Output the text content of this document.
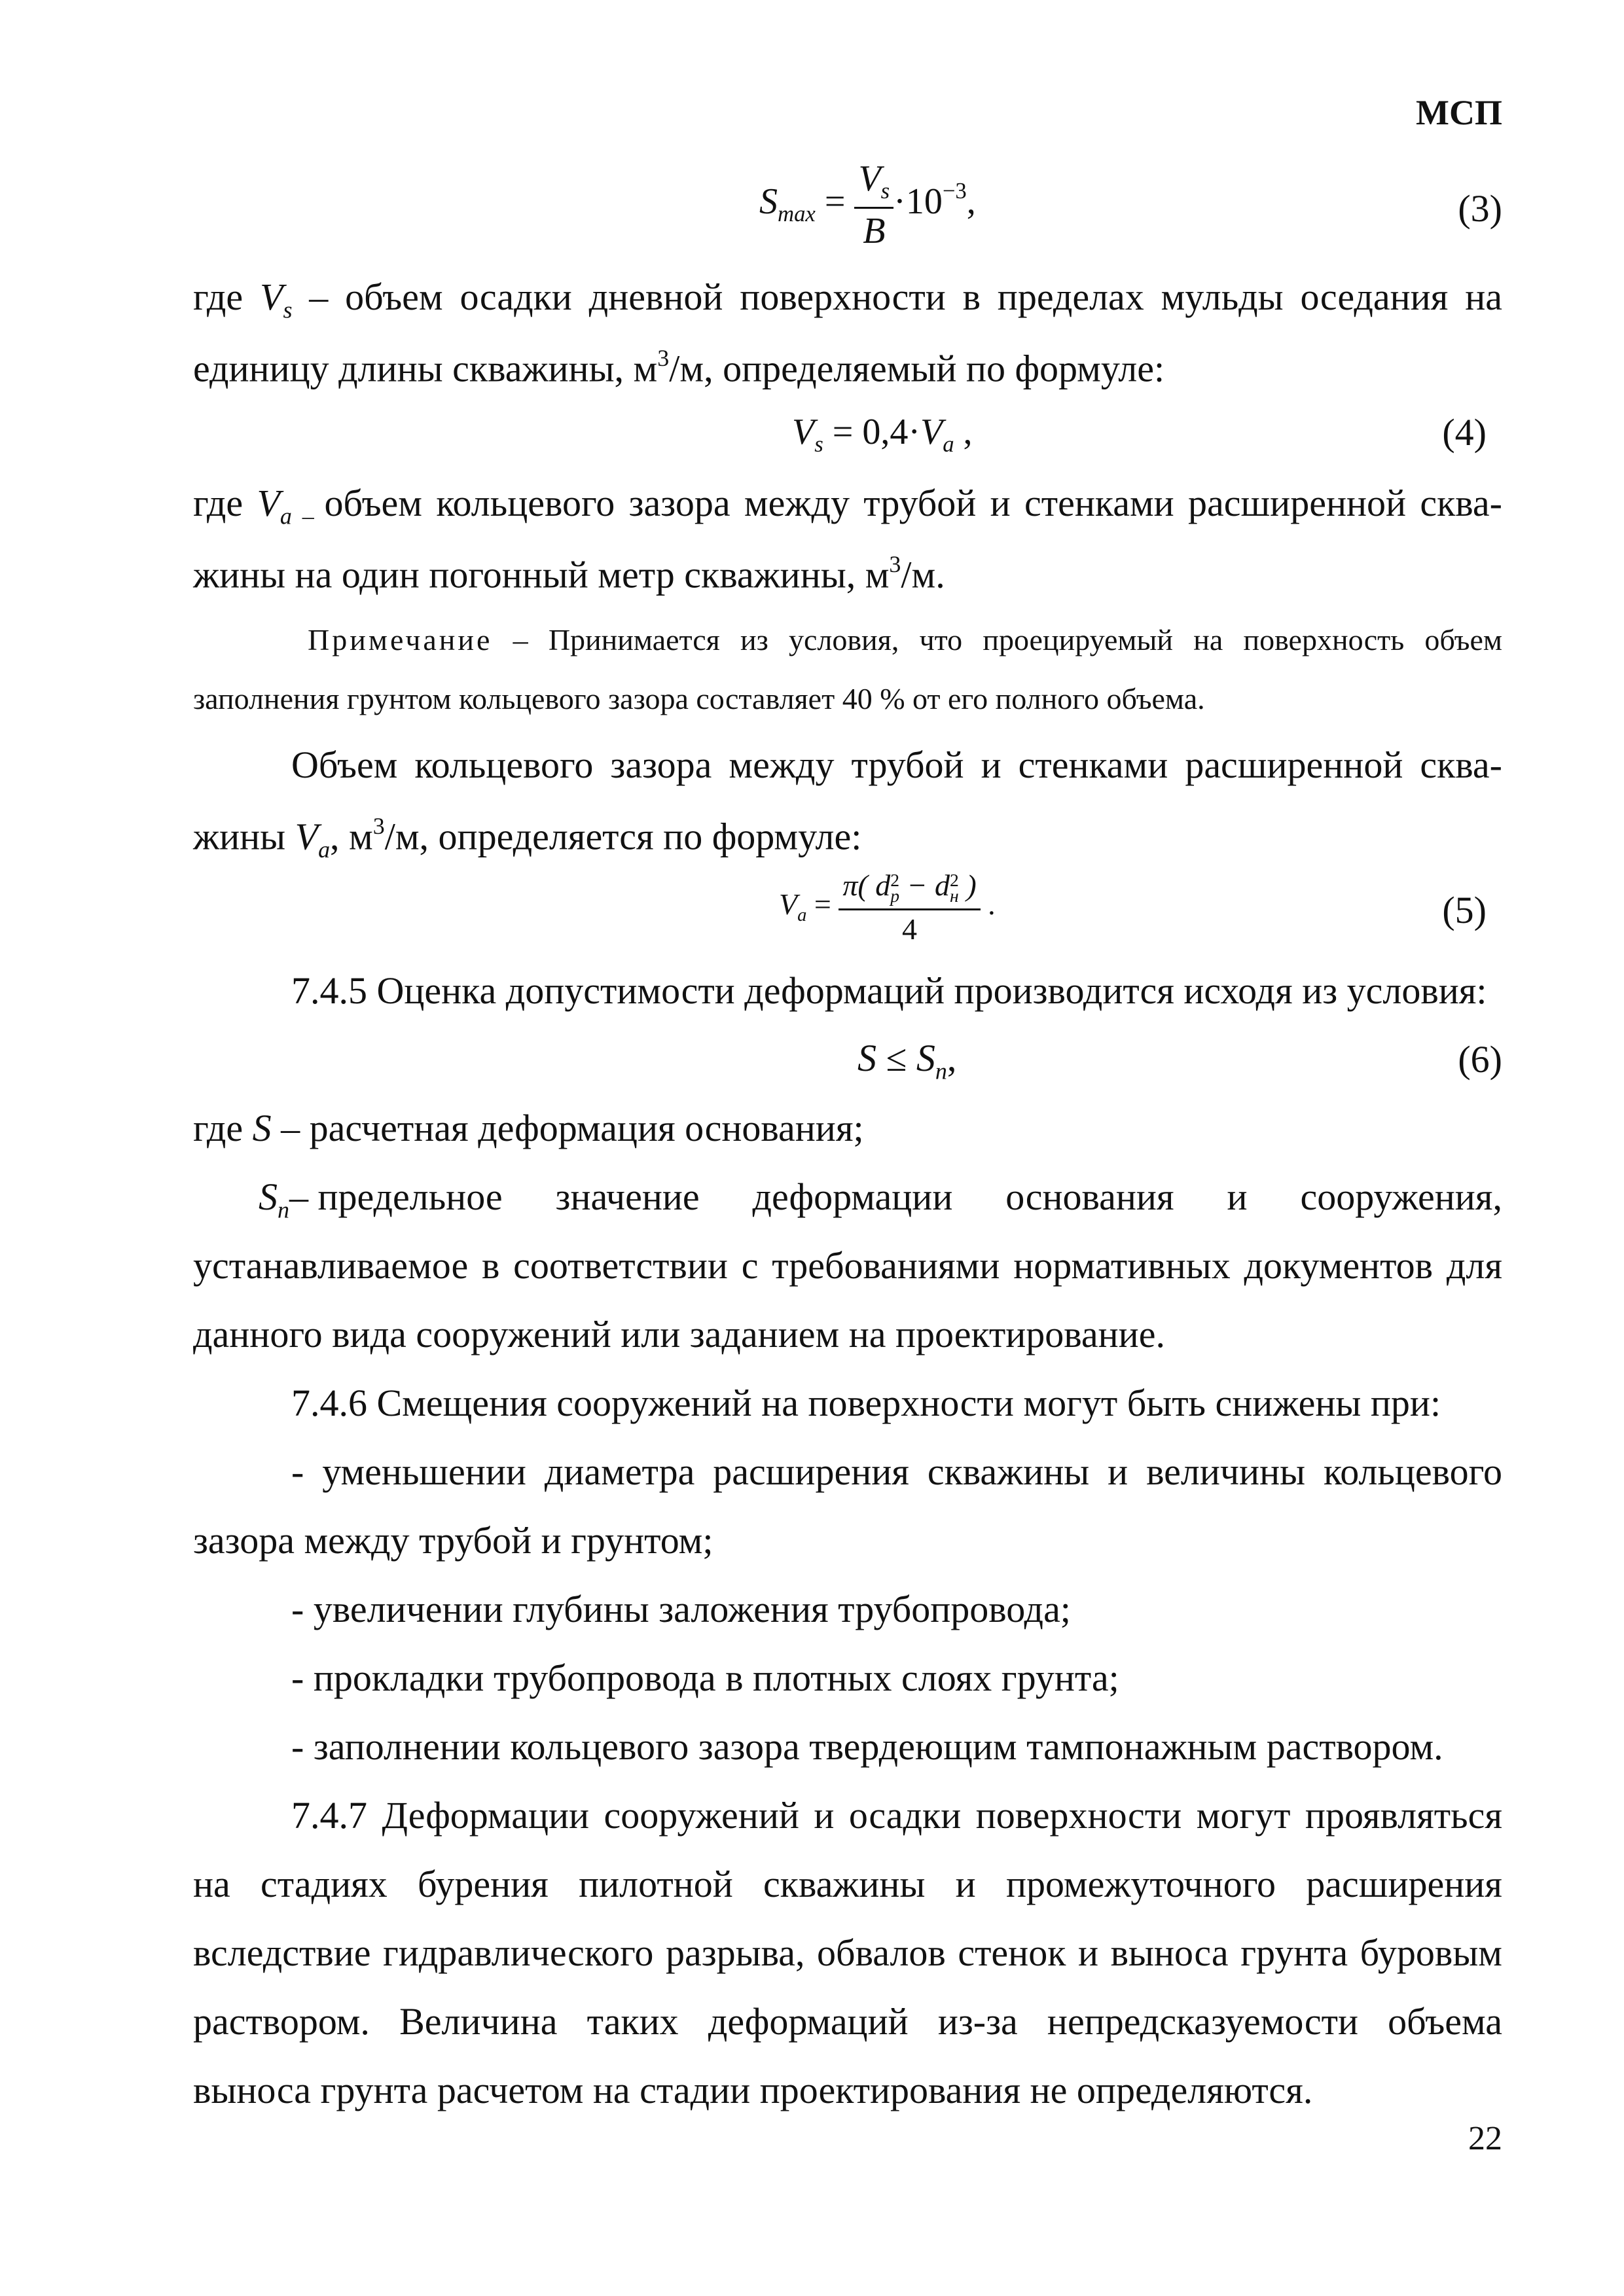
МСП
$S_{max} = \frac{V_s}{B} \cdot 10^{-3}$,	(3)
где $V_s$ – объем осадки дневной поверхности в пределах мульды оседания на
единицу длины скважины, $м^3/м$, определяемый по формуле:
$V_s = 0,4\cdot V_a$ ,	(4)
где $V_{a -}$ объем кольцевого зазора между трубой и стенками расширенной сква-
жины на один погонный метр скважины, $м^3/м$.
Примечание – Принимается из условия, что проецируемый на поверхность объем
заполнения грунтом кольцевого зазора составляет 40 % от его полного объема.
Объем кольцевого зазора между трубой и стенками расширенной сква-
жины $V_a$, $м^3/м$, определяется по формуле:
$V_a = \pi$( d 2
p − d 2
н )
4 .	(5)
7.4.5 Оценка допустимости деформаций производится исходя из условия:
$S \le S_n$,	(6)
где S – расчетная деформация основания;
$S_n-$ предельное значение деформации основания и сооружения,
устанавливаемое в соответствии с требованиями нормативных документов для
данного вида сооружений или заданием на проектирование.
7.4.6 Смещения сооружений на поверхности могут быть снижены при:
- уменьшении диаметра расширения скважины и величины кольцевого
зазора между трубой и грунтом;
- увеличении глубины заложения трубопровода;
- прокладки трубопровода в плотных слоях грунта;
- заполнении кольцевого зазора твердеющим тампонажным раствором.
7.4.7 Деформации сооружений и осадки поверхности могут проявляться
на стадиях бурения пилотной скважины и промежуточного расширения
вследствие гидравлического разрыва, обвалов стенок и выноса грунта буровым
раствором. Величина таких деформаций из-за непредсказуемости объема
выноса грунта расчетом на стадии проектирования не определяются.
22
